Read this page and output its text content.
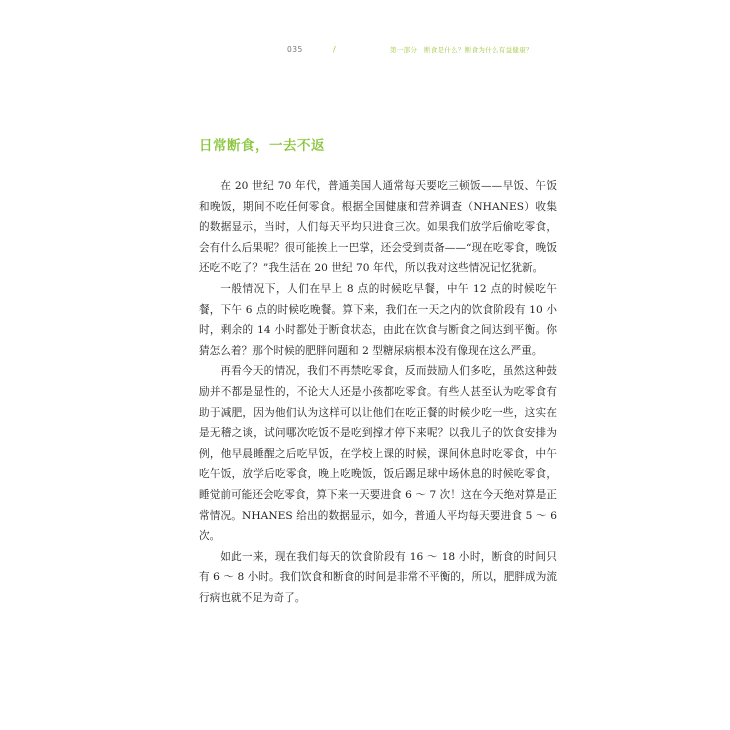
035	/	第一部分　断食是什么？断食为什么有益健康？
日常断食，一去不返

在 20 世纪 70 年代，普通美国人通常每天要吃三顿饭——早饭、午饭和晚饭，期间不吃任何零食。根据全国健康和营养调查（NHANES）收集的数据显示，当时，人们每天平均只进食三次。如果我们放学后偷吃零食，会有什么后果呢？很可能挨上一巴掌，还会受到责备——“现在吃零食，晚饭还吃不吃了？”我生活在 20 世纪 70 年代，所以我对这些情况记忆犹新。

一般情况下，人们在早上 8 点的时候吃早餐，中午 12 点的时候吃午餐，下午 6 点的时候吃晚餐。算下来，我们在一天之内的饮食阶段有 10 小时，剩余的 14 小时都处于断食状态，由此在饮食与断食之间达到平衡。你猜怎么着？那个时候的肥胖问题和 2 型糖尿病根本没有像现在这么严重。

再看今天的情况，我们不再禁吃零食，反而鼓励人们多吃，虽然这种鼓励并不都是显性的，不论大人还是小孩都吃零食。有些人甚至认为吃零食有助于减肥，因为他们认为这样可以让他们在吃正餐的时候少吃一些，这实在是无稽之谈，试问哪次吃饭不是吃到撑才停下来呢？以我儿子的饮食安排为例，他早晨睡醒之后吃早饭，在学校上课的时候，课间休息时吃零食，中午吃午饭，放学后吃零食，晚上吃晚饭，饭后踢足球中场休息的时候吃零食，睡觉前可能还会吃零食，算下来一天要进食 6 ～ 7 次！这在今天绝对算是正常情况。NHANES 给出的数据显示，如今，普通人平均每天要进食 5 ～ 6 次。

如此一来，现在我们每天的饮食阶段有 16 ～ 18 小时，断食的时间只有 6 ～ 8 小时。我们饮食和断食的时间是非常不平衡的，所以，肥胖成为流行病也就不足为奇了。
